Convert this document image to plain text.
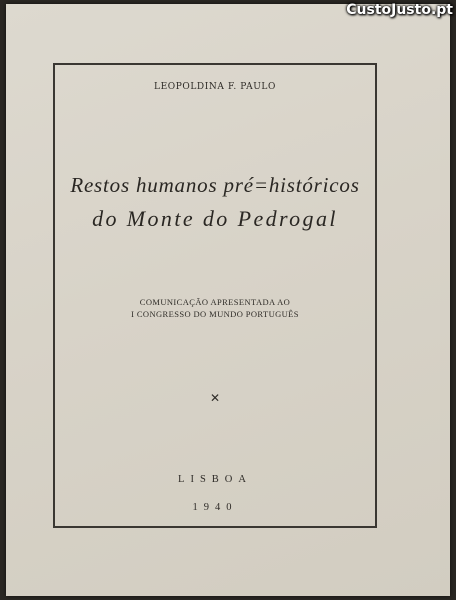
LEOPOLDINA F. PAULO
Restos humanos pré=históricos
do Monte do Pedrogal
COMUNICAÇÃO APRESENTADA AO
I CONGRESSO DO MUNDO PORTUGUÊS
✕
LISBOA
1940
CustoJusto.pt
